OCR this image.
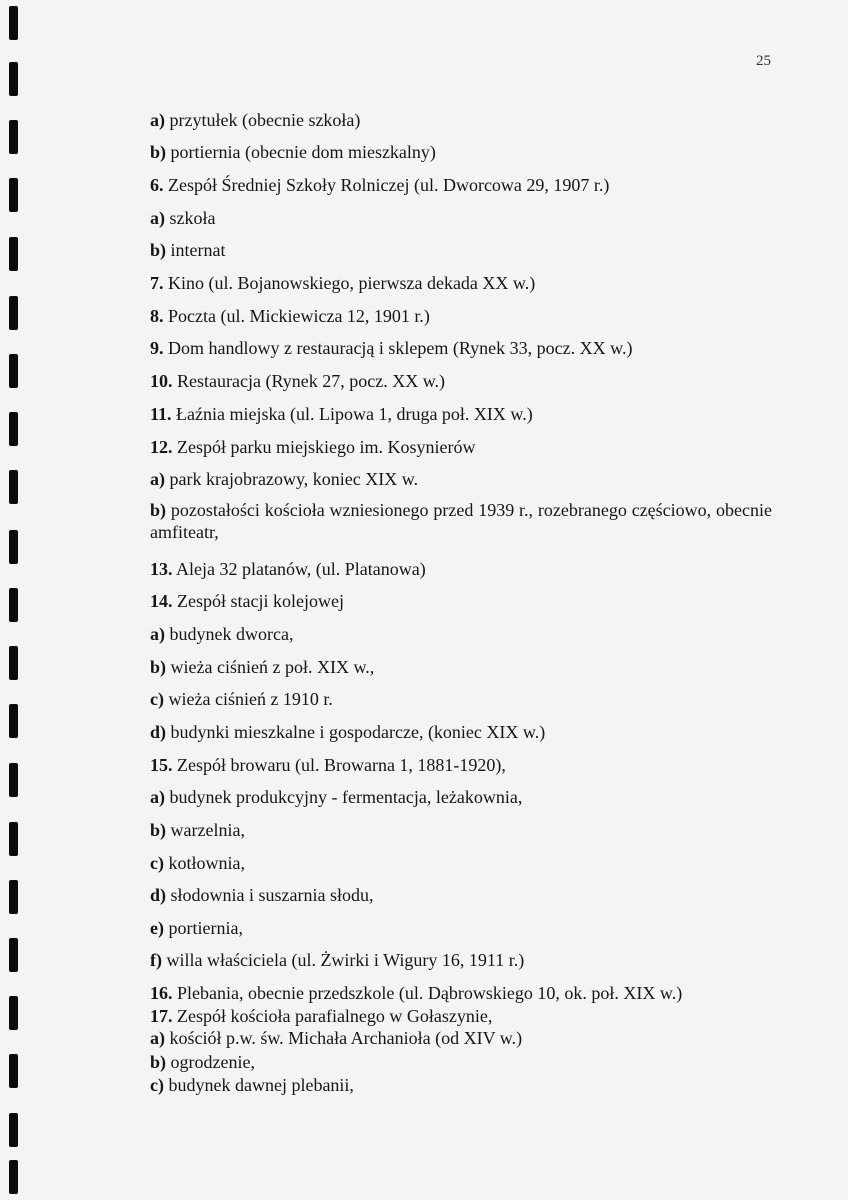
25
a) przytułek (obecnie szkoła)
b) portiernia (obecnie dom mieszkalny)
6. Zespół Średniej Szkoły Rolniczej (ul. Dworcowa 29, 1907 r.)
a) szkoła
b) internat
7. Kino (ul. Bojanowskiego, pierwsza dekada XX w.)
8. Poczta (ul. Mickiewicza 12, 1901 r.)
9. Dom handlowy z restauracją i sklepem (Rynek 33, pocz. XX w.)
10. Restauracja (Rynek 27, pocz. XX w.)
11. Łaźnia miejska (ul. Lipowa 1, druga poł. XIX w.)
12. Zespół parku miejskiego im. Kosynierów
a) park krajobrazowy, koniec XIX w.
b) pozostałości kościoła wzniesionego przed 1939 r., rozebranego częściowo, obecnie amfiteatr,
13. Aleja 32 platanów, (ul. Platanowa)
14. Zespół stacji kolejowej
a) budynek dworca,
b) wieża ciśnień z poł. XIX w.,
c) wieża ciśnień z 1910 r.
d) budynki mieszkalne i gospodarcze, (koniec XIX w.)
15. Zespół browaru (ul. Browarna 1, 1881-1920),
a) budynek produkcyjny - fermentacja, leżakownia,
b) warzelnia,
c) kotłownia,
d) słodownia i suszarnia słodu,
e) portiernia,
f) willa właściciela (ul. Żwirki i Wigury 16, 1911 r.)
16. Plebania, obecnie przedszkole (ul. Dąbrowskiego 10, ok. poł. XIX w.)
17. Zespół kościoła parafialnego w Gołaszynie,
a) kościół p.w. św. Michała Archanioła (od XIV w.)
b) ogrodzenie,
c) budynek dawnej plebanii,
